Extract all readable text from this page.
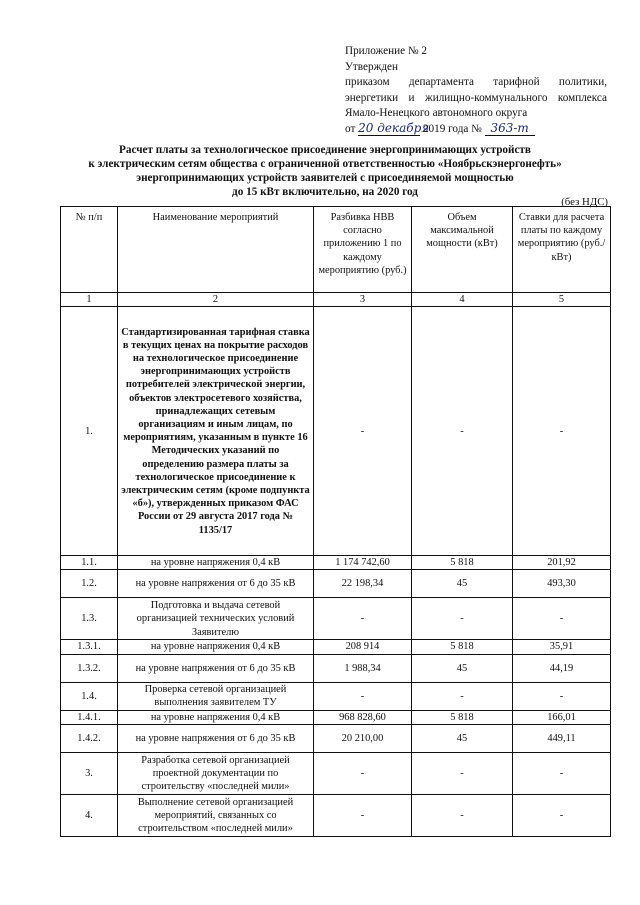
Приложение № 2
Утвержден
приказом департамента тарифной политики,
энергетики и жилищно-коммунального комплекса
Ямало-Ненецкого автономного округа
от 20 декабря 2019 года № 363-т
Расчет платы за технологическое присоединение энергопринимающих устройств
к электрическим сетям общества с ограниченной ответственностью «Ноябрьскэнергонефть»
энергопринимающих устройств заявителей с присоединяемой мощностью
до 15 кВт включительно, на 2020 год
(без НДС)
№ п/п	Наименование мероприятий	Разбивка НВВ согласно приложению 1 по каждому мероприятию (руб.)	Объем максимальной мощности (кВт)	Ставки для расчета платы по каждому мероприятию (руб./кВт)
1	2	3	4	5
1.	Стандартизированная тарифная ставка в текущих ценах на покрытие расходов на технологическое присоединение энергопринимающих устройств потребителей электрической энергии, объектов электросетевого хозяйства, принадлежащих сетевым организациям и иным лицам, по мероприятиям, указанным в пункте 16 Методических указаний по определению размера платы за технологическое присоединение к электрическим сетям (кроме подпункта «б»), утвержденных приказом ФАС России от 29 августа 2017 года № 1135/17	-	-	-
1.1.	на уровне напряжения 0,4 кВ	1 174 742,60	5 818	201,92
1.2.	на уровне напряжения от 6 до 35 кВ	22 198,34	45	493,30
1.3.	Подготовка и выдача сетевой организацией технических условий Заявителю	-	-	-
1.3.1.	на уровне напряжения 0,4 кВ	208 914	5 818	35,91
1.3.2.	на уровне напряжения от 6 до 35 кВ	1 988,34	45	44,19
1.4.	Проверка сетевой организацией выполнения заявителем ТУ	-	-	-
1.4.1.	на уровне напряжения 0,4 кВ	968 828,60	5 818	166,01
1.4.2.	на уровне напряжения от 6 до 35 кВ	20 210,00	45	449,11
3.	Разработка сетевой организацией проектной документации по строительству «последней мили»	-	-	-
4.	Выполнение сетевой организацией мероприятий, связанных со строительством «последней мили»	-	-	-
